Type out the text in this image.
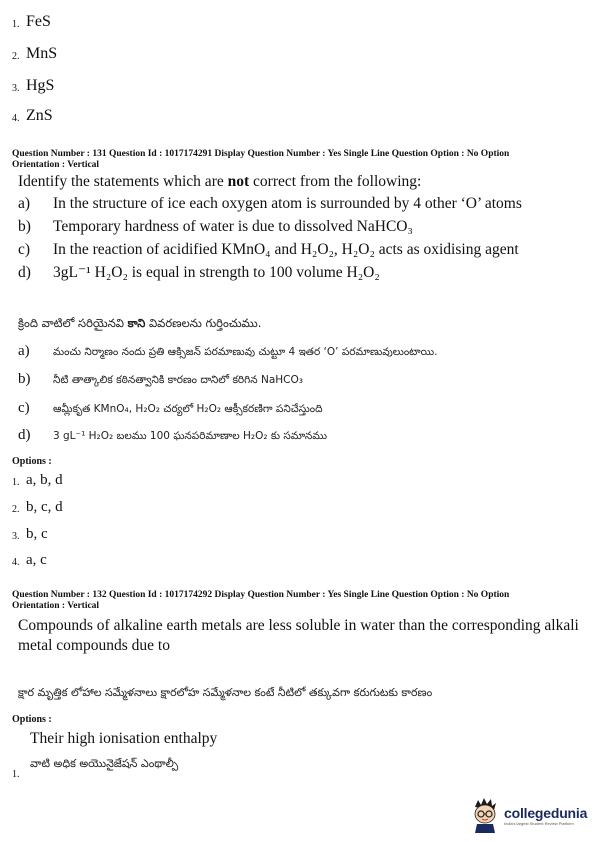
1. FeS
2. MnS
3. HgS
4. ZnS
Question Number : 131 Question Id : 1017174291 Display Question Number : Yes Single Line Question Option : No Option
Orientation : Vertical
Identify the statements which are not correct from the following:
a)	In the structure of ice each oxygen atom is surrounded by 4 other ‘O’ atoms
b)	Temporary hardness of water is due to dissolved NaHCO₃
c)	In the reaction of acidified KMnO₄ and H₂O₂, H₂O₂ acts as oxidising agent
d)	3gL⁻¹ H₂O₂ is equal in strength to 100 volume H₂O₂
క్రింది వాటిలో సరియైనవి కాని వివరణలను గుర్తించుము.
a)	మంచు నిర్మాణం నందు ప్రతి ఆక్సిజన్ పరమాణువు చుట్టూ 4 ఇతర ‘O’ పరమాణువులుంటాయి.
b)	నీటి తాత్కాలిక కఠినత్వానికి కారణం దానిలో కరిగిన NaHCO₃
c)	ఆమ్లీకృత KMnO₄, H₂O₂ చర్యలో H₂O₂ ఆక్సీకరణిగా పనిచేస్తుంది
d)	3 gL⁻¹ H₂O₂ బలము 100 ఘనపరిమాణాల H₂O₂ కు సమానము
Options :
1. a, b, d
2. b, c, d
3. b, c
4. a, c
Question Number : 132 Question Id : 1017174292 Display Question Number : Yes Single Line Question Option : No Option
Orientation : Vertical
Compounds of alkaline earth metals are less soluble in water than the corresponding alkali
metal compounds due to
క్షార మృత్తిక లోహాల సమ్మేళనాలు క్షారలోహ సమ్మేళనాల కంటే నీటిలో తక్కువగా కరుగుటకు కారణం
Options :
Their high ionisation enthalpy
వాటి అధిక అయొనైజేషన్ ఎంథాల్పీ
1.
collegedunia
India's largest Student Review Platform
